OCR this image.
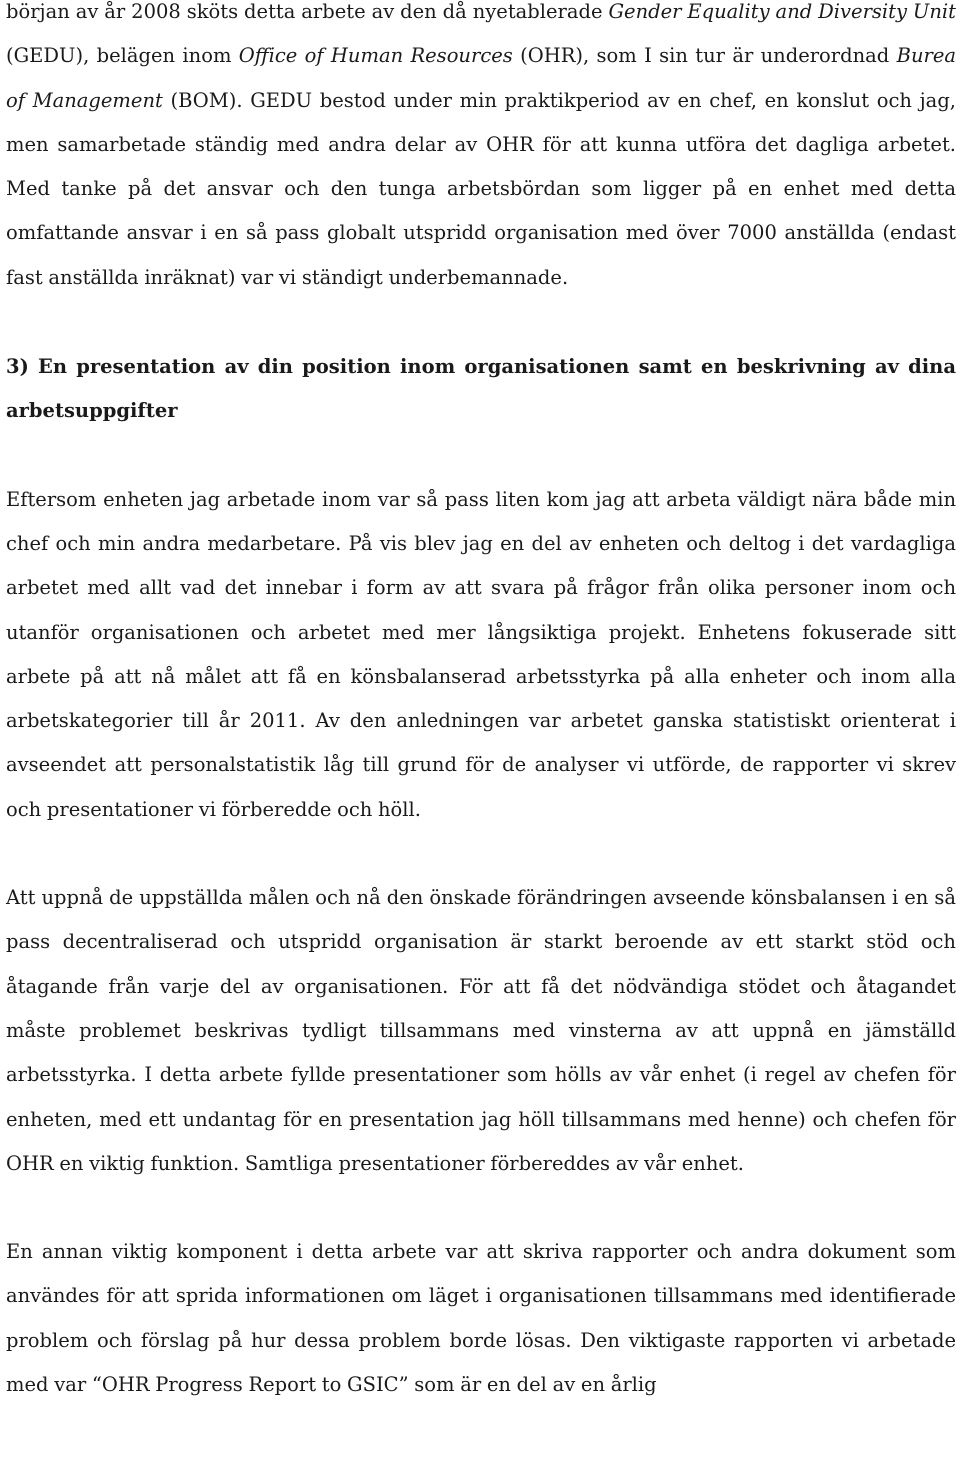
början av år 2008 sköts detta arbete av den då nyetablerade Gender Equality and Diversity Unit (GEDU), belägen inom Office of Human Resources (OHR), som I sin tur är underordnad Burea of Management (BOM). GEDU bestod under min praktikperiod av en chef, en konslut och jag, men samarbetade ständig med andra delar av OHR för att kunna utföra det dagliga arbetet. Med tanke på det ansvar och den tunga arbetsbördan som ligger på en enhet med detta omfattande ansvar i en så pass globalt utspridd organisation med över 7000 anställda (endast fast anställda inräknat) var vi ständigt underbemannade.

3) En presentation av din position inom organisationen samt en beskrivning av dina arbetsuppgifter

Eftersom enheten jag arbetade inom var så pass liten kom jag att arbeta väldigt nära både min chef och min andra medarbetare. På vis blev jag en del av enheten och deltog i det vardagliga arbetet med allt vad det innebar i form av att svara på frågor från olika personer inom och utanför organisationen och arbetet med mer långsiktiga projekt. Enhetens fokuserade sitt arbete på att nå målet att få en könsbalanserad arbetsstyrka på alla enheter och inom alla arbetskategorier till år 2011. Av den anledningen var arbetet ganska statistiskt orienterat i avseendet att personalstatistik låg till grund för de analyser vi utförde, de rapporter vi skrev och presentationer vi förberedde och höll.

Att uppnå de uppställda målen och nå den önskade förändringen avseende könsbalansen i en så pass decentraliserad och utspridd organisation är starkt beroende av ett starkt stöd och åtagande från varje del av organisationen. För att få det nödvändiga stödet och åtagandet måste problemet beskrivas tydligt tillsammans med vinsterna av att uppnå en jämställd arbetsstyrka. I detta arbete fyllde presentationer som hölls av vår enhet (i regel av chefen för enheten, med ett undantag för en presentation jag höll tillsammans med henne) och chefen för OHR en viktig funktion. Samtliga presentationer förbereddes av vår enhet.

En annan viktig komponent i detta arbete var att skriva rapporter och andra dokument som användes för att sprida informationen om läget i organisationen tillsammans med identifierade problem och förslag på hur dessa problem borde lösas. Den viktigaste rapporten vi arbetade med var “OHR Progress Report to GSIC” som är en del av en årlig
